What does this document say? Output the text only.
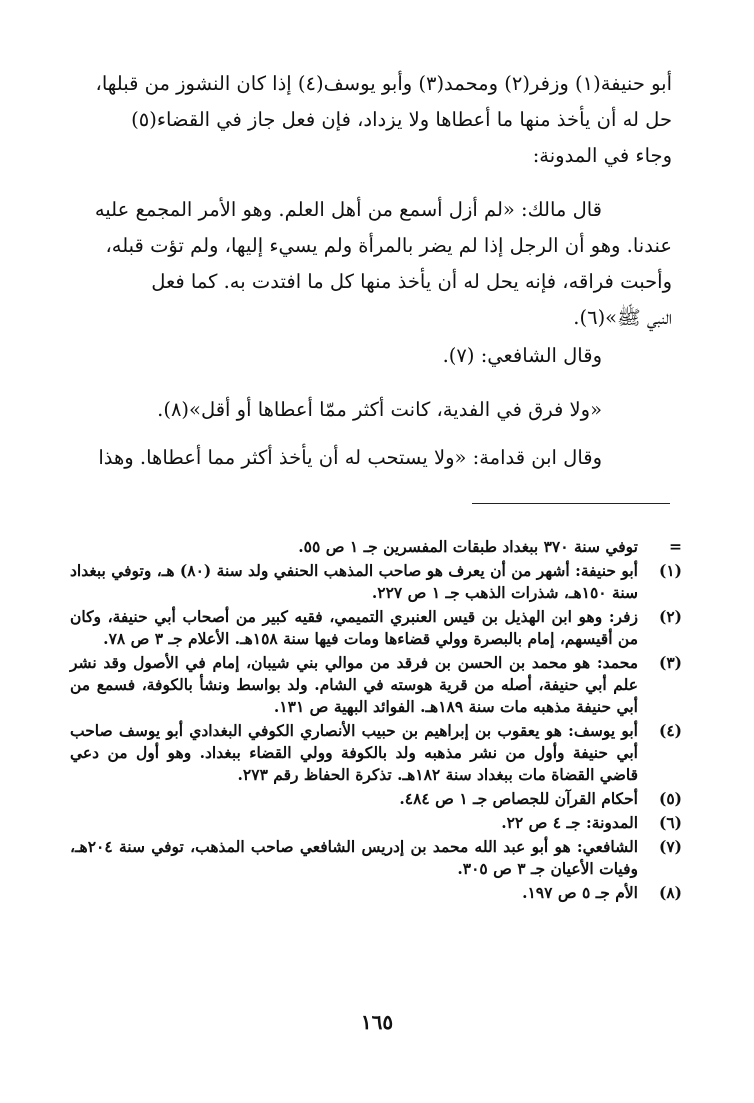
أبو حنيفة(١) وزفر(٢) ومحمد(٣) وأبو يوسف(٤) إذا كان النشوز من قبلها،
حل له أن يأخذ منها ما أعطاها ولا يزداد، فإن فعل جاز في القضاء(٥)
وجاء في المدونة:
قال مالك: «لم أزل أسمع من أهل العلم. وهو الأمر المجمع عليه
عندنا. وهو أن الرجل إذا لم يضر بالمرأة ولم يسيء إليها، ولم تؤت قبله،
وأحبت فراقه، فإنه يحل له أن يأخذ منها كل ما افتدت به. كما فعل
النبي ﷺ»(٦).
وقال الشافعي: (٧).
«ولا فرق في الفدية، كانت أكثر ممّا أعطاها أو أقل»(٨).
وقال ابن قدامة: «ولا يستحب له أن يأخذ أكثر مما أعطاها. وهذا
=
توفي سنة ٣٧٠ ببغداد طبقات المفسرين جـ ١ ص ٥٥.
(١)
أبو حنيفة: أشهر من أن يعرف هو صاحب المذهب الحنفي ولد سنة (٨٠) هـ، وتوفي ببغداد سنة ١٥٠هـ، شذرات الذهب جـ ١ ص ٢٢٧.
(٢)
زفر: وهو ابن الهذيل بن قيس العنبري التميمي، فقيه كبير من أصحاب أبي حنيفة، وكان من أقيسهم، إمام بالبصرة وولي قضاءها ومات فيها سنة ١٥٨هـ. الأعلام جـ ٣ ص ٧٨.
(٣)
محمد: هو محمد بن الحسن بن فرقد من موالي بني شيبان، إمام في الأصول وقد نشر علم أبي حنيفة، أصله من قرية هوسته في الشام. ولد بواسط ونشأ بالكوفة، فسمع من أبي حنيفة مذهبه مات سنة ١٨٩هـ. الفوائد البهية ص ١٣١.
(٤)
أبو يوسف: هو يعقوب بن إبراهيم بن حبيب الأنصاري الكوفي البغدادي أبو يوسف صاحب أبي حنيفة وأول من نشر مذهبه ولد بالكوفة وولي القضاء ببغداد. وهو أول من دعي قاضي القضاة مات ببغداد سنة ١٨٢هـ. تذكرة الحفاظ رقم ٢٧٣.
(٥)
أحكام القرآن للجصاص جـ ١ ص ٤٨٤.
(٦)
المدونة: جـ ٤ ص ٢٢.
(٧)
الشافعي: هو أبو عبد الله محمد بن إدريس الشافعي صاحب المذهب، توفي سنة ٢٠٤هـ، وفيات الأعيان جـ ٣ ص ٣٠٥.
(٨)
الأم جـ ٥ ص ١٩٧.
١٦٥
